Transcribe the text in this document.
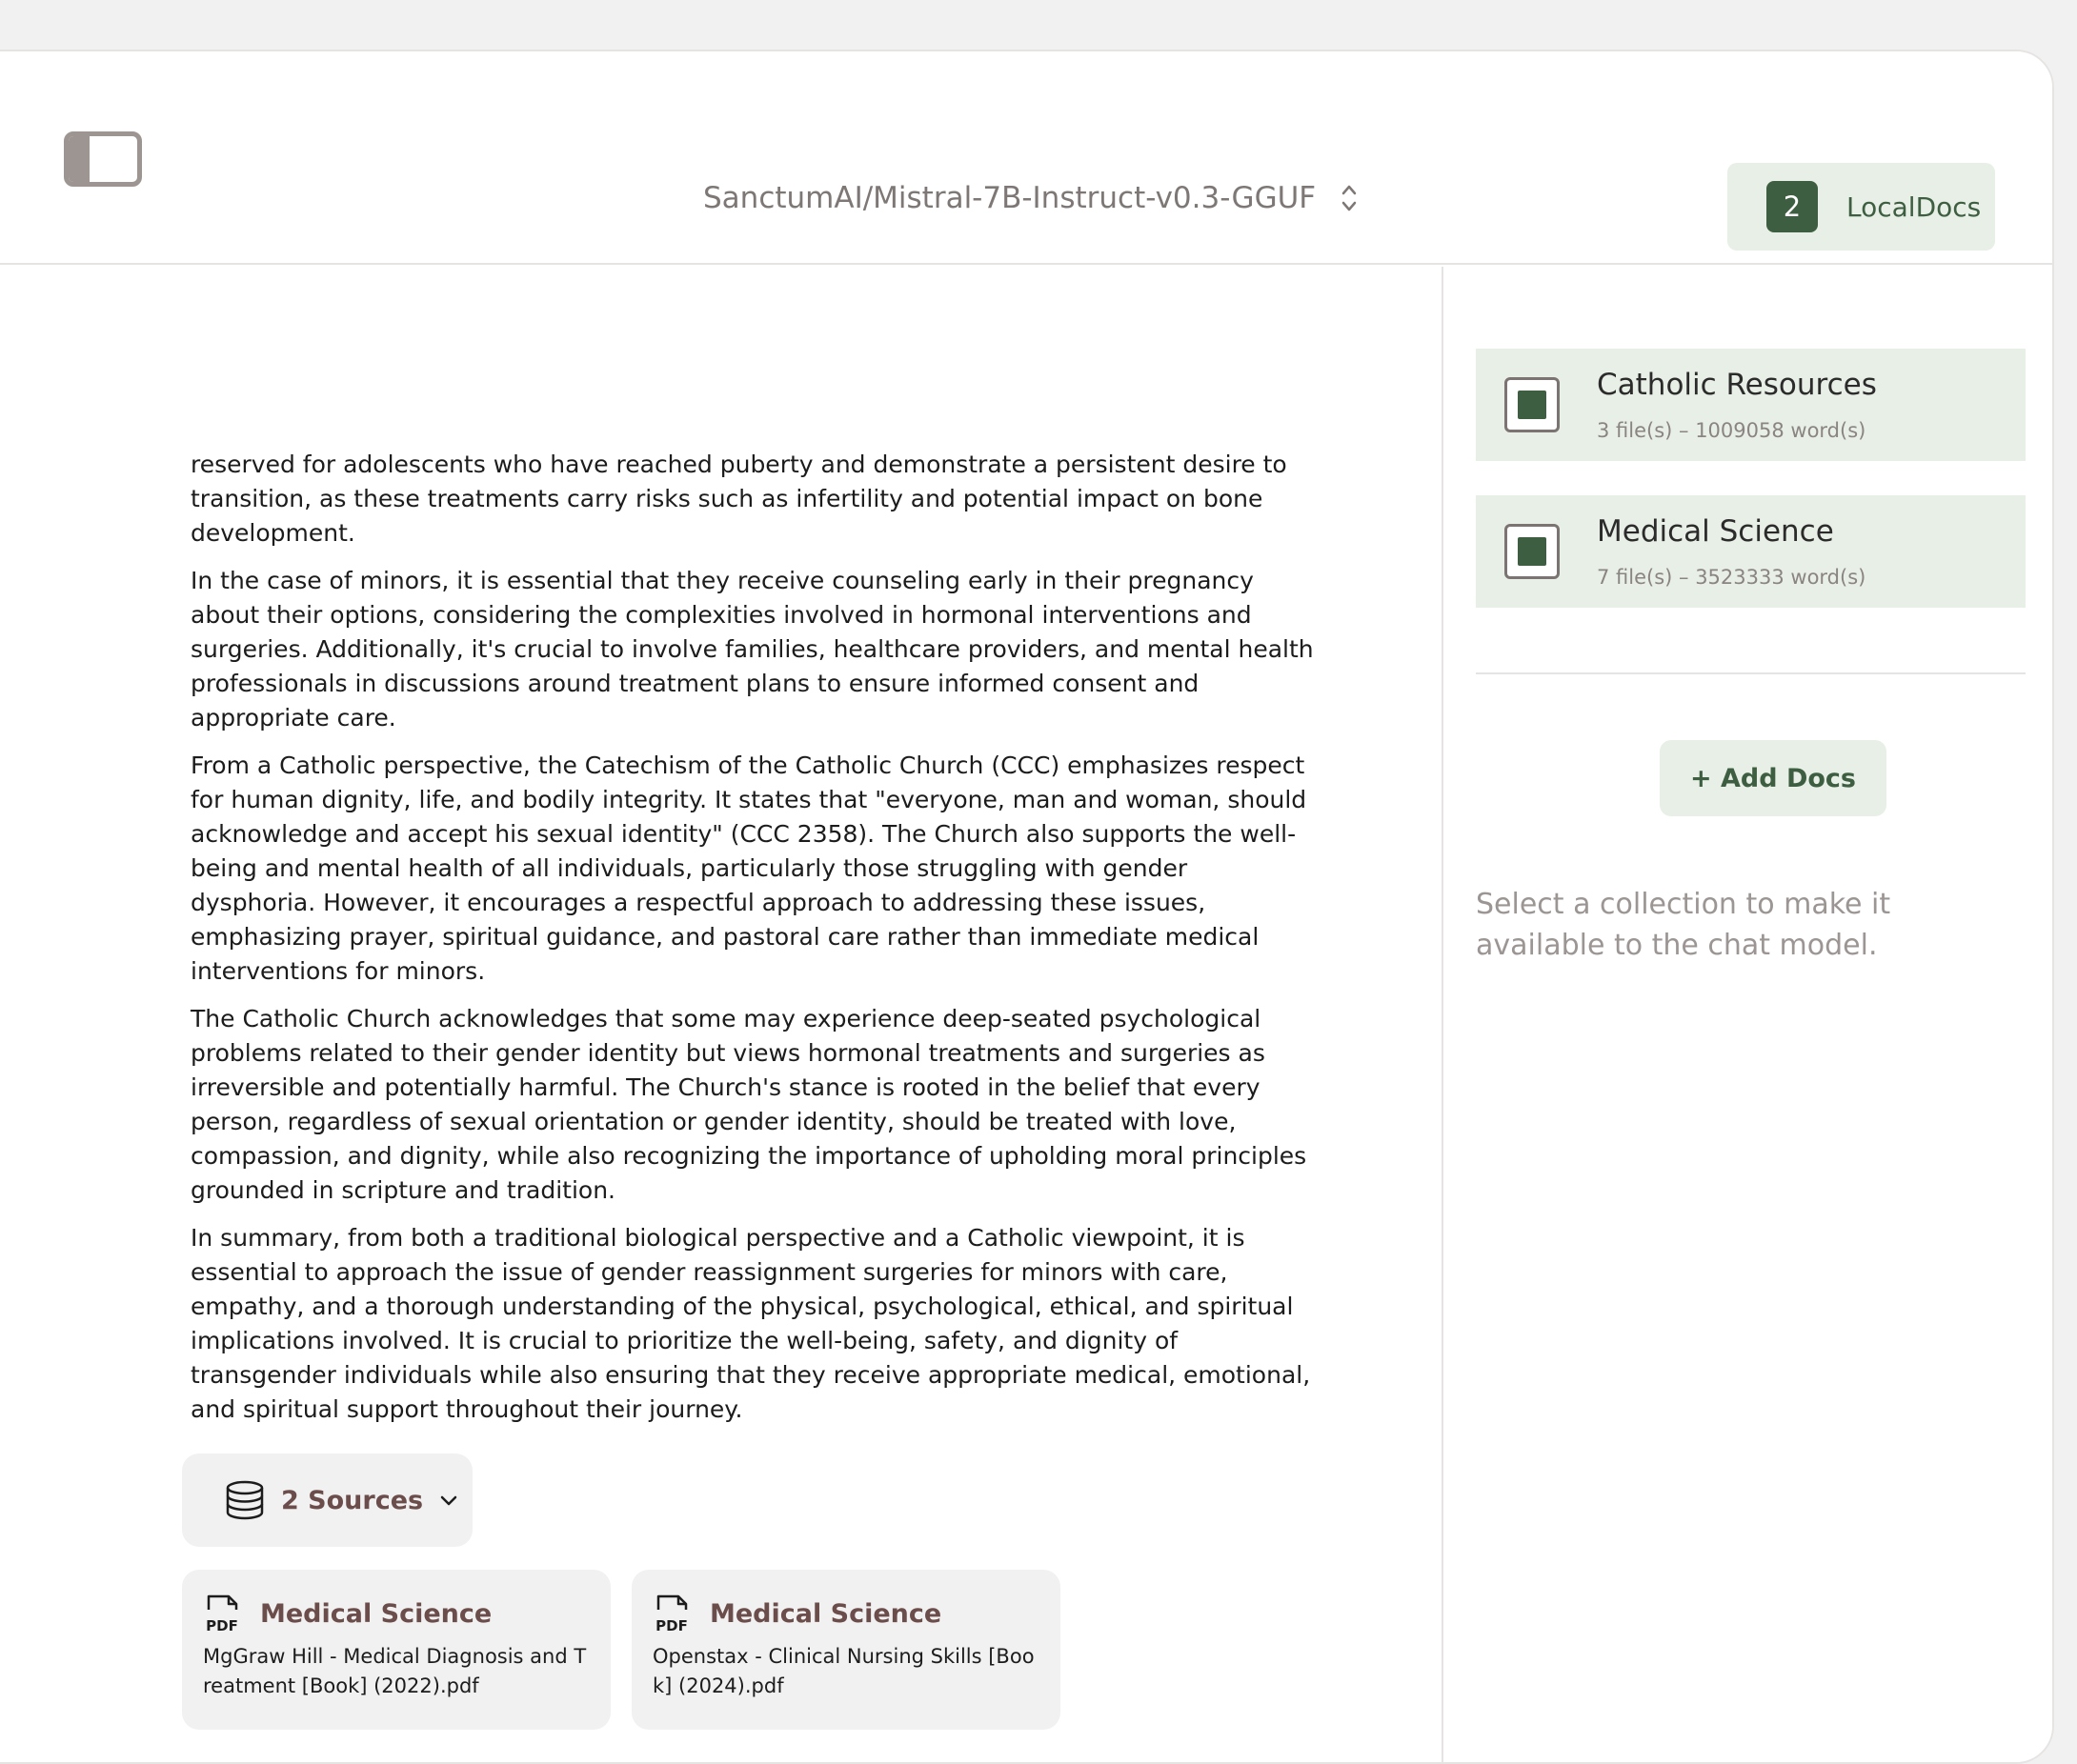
SanctumAI/Mistral-7B-Instruct-v0.3-GGUF	2	LocalDocs

reserved for adolescents who have reached puberty and demonstrate a persistent desire to transition, as these treatments carry risks such as infertility and potential impact on bone development.

In the case of minors, it is essential that they receive counseling early in their pregnancy about their options, considering the complexities involved in hormonal interventions and surgeries. Additionally, it's crucial to involve families, healthcare providers, and mental health professionals in discussions around treatment plans to ensure informed consent and appropriate care.

From a Catholic perspective, the Catechism of the Catholic Church (CCC) emphasizes respect for human dignity, life, and bodily integrity. It states that "everyone, man and woman, should acknowledge and accept his sexual identity" (CCC 2358). The Church also supports the well-being and mental health of all individuals, particularly those struggling with gender dysphoria. However, it encourages a respectful approach to addressing these issues, emphasizing prayer, spiritual guidance, and pastoral care rather than immediate medical interventions for minors.

The Catholic Church acknowledges that some may experience deep-seated psychological problems related to their gender identity but views hormonal treatments and surgeries as irreversible and potentially harmful. The Church's stance is rooted in the belief that every person, regardless of sexual orientation or gender identity, should be treated with love, compassion, and dignity, while also recognizing the importance of upholding moral principles grounded in scripture and tradition.

In summary, from both a traditional biological perspective and a Catholic viewpoint, it is essential to approach the issue of gender reassignment surgeries for minors with care, empathy, and a thorough understanding of the physical, psychological, ethical, and spiritual implications involved. It is crucial to prioritize the well-being, safety, and dignity of transgender individuals while also ensuring that they receive appropriate medical, emotional, and spiritual support throughout their journey.

2 Sources
PDF Medical Science
MgGraw Hill - Medical Diagnosis and Treatment [Book] (2022).pdf
PDF Medical Science
Openstax - Clinical Nursing Skills [Book] (2024).pdf
Catholic Resources
3 file(s) – 1009058 word(s)
Medical Science
7 file(s) – 3523333 word(s)
+ Add Docs
Select a collection to make it available to the chat model.
